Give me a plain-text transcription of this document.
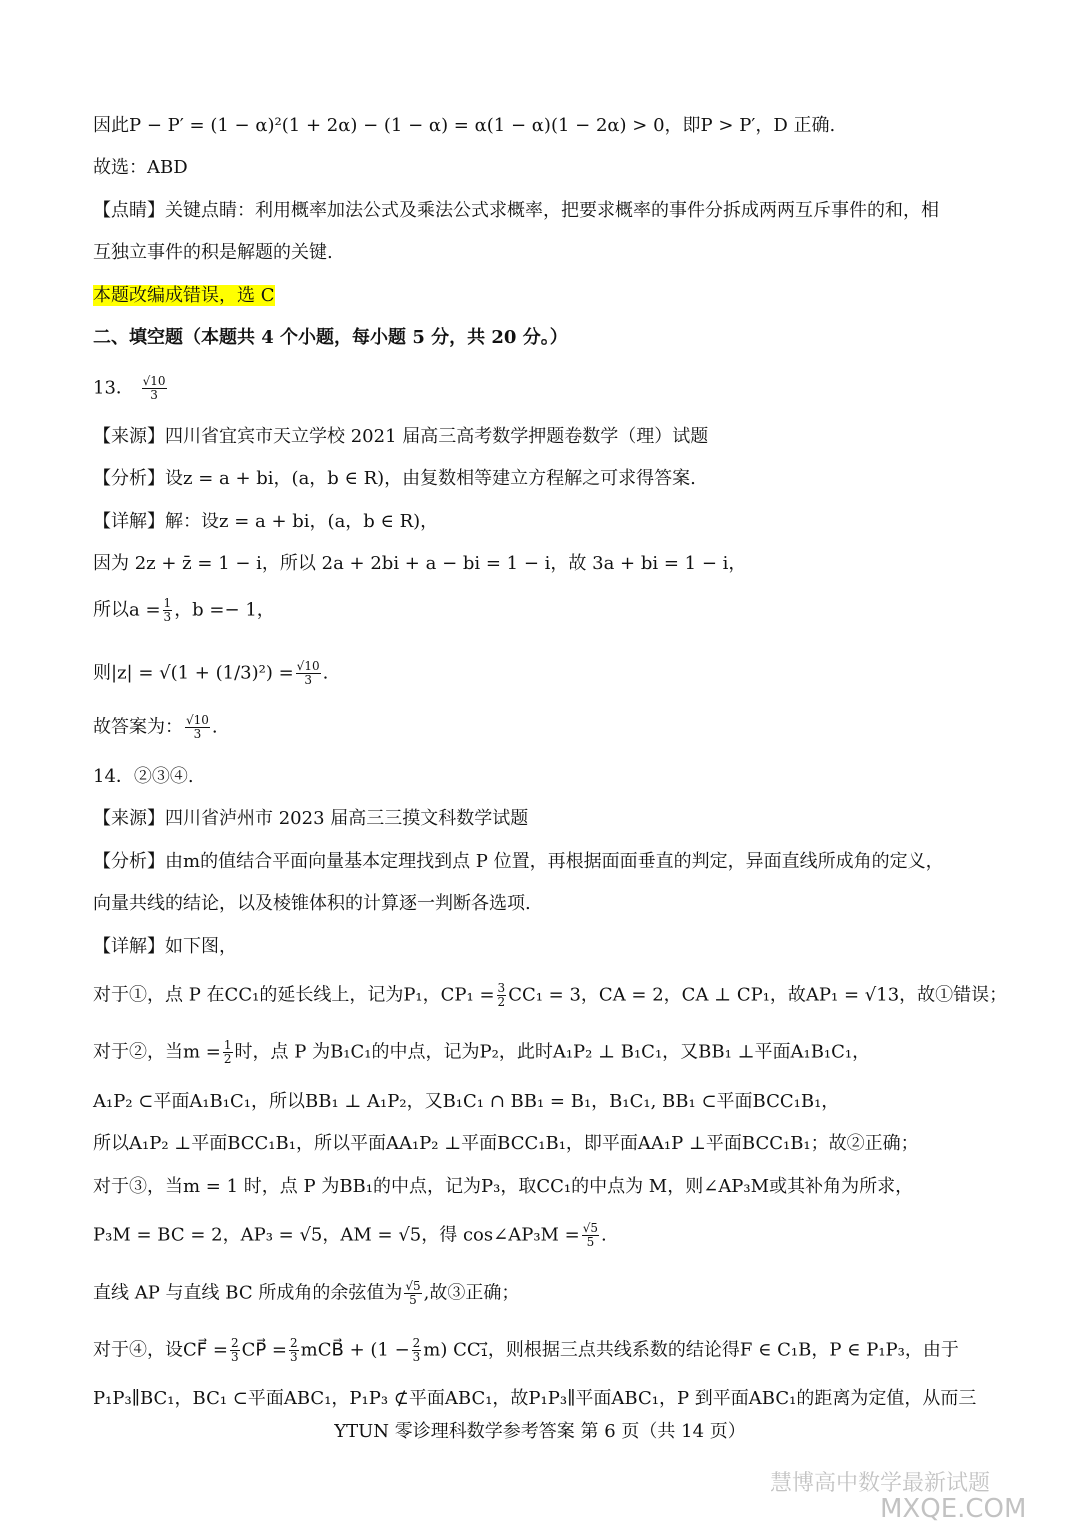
因此P − P′ = (1 − α)²(1 + 2α) − (1 − α) = α(1 − α)(1 − 2α) > 0，即P > P′，D 正确.
故选：ABD
【点睛】关键点睛：利用概率加法公式及乘法公式求概率，把要求概率的事件分拆成两两互斥事件的和，相
互独立事件的积是解题的关键.
本题改编成错误，选 C
二、填空题（本题共 4 个小题，每小题 5 分，共 20 分。）
13． $\frac{√10}{3}$
【来源】四川省宜宾市天立学校 2021 届高三高考数学押题卷数学（理）试题
【分析】设z = a + bi，(a，b ∈ R)，由复数相等建立方程解之可求得答案.
【详解】解：设z = a + bi，(a，b ∈ R)，
因为 2z + z̄ = 1 − i，所以 2a + 2bi + a − bi = 1 − i，故 3a + bi = 1 − i，
所以$a = \frac{1}{3}$ ，b =− 1，
则$|z| = √(1 + (1/3)^2) = \frac{√10}{3}$ .
故答案为： $\frac{√10}{3}$ .
14．②③④.
【来源】四川省泸州市 2023 届高三三摸文科数学试题
【分析】由m的值结合平面向量基本定理找到点 P 位置，再根据面面垂直的判定，异面直线所成角的定义，
向量共线的结论，以及棱锥体积的计算逐一判断各选项.
【详解】如下图，
对于①，点 P 在CC₁的延长线上，记为P₁，$CP_1 = \frac{3}{2} CC_1 = 3$，CA = 2，CA ⊥ CP₁，故AP₁ = √13，故①错误；
对于②，当$m = \frac{1}{2}$ 时，点 P 为B₁C₁的中点，记为P₂，此时A₁P₂ ⊥ B₁C₁，又BB₁ ⊥平面A₁B₁C₁，
A₁P₂ ⊂平面A₁B₁C₁，所以BB₁ ⊥ A₁P₂，又B₁C₁ ∩ BB₁ = B₁，B₁C₁, BB₁ ⊂平面BCC₁B₁，
所以A₁P₂ ⊥平面BCC₁B₁，所以平面AA₁P₂ ⊥平面BCC₁B₁，即平面AA₁P ⊥平面BCC₁B₁；故②正确；
对于③，当m = 1 时，点 P 为BB₁的中点，记为P₃，取CC₁的中点为 M，则∠AP₃M或其补角为所求，
P₃M = BC = 2，AP₃ = √5，AM = √5，得 cos∠AP₃M = $\frac{√5}{5}$ .
直线 AP 与直线 BC 所成角的余弦值为 $\frac{√5}{5}$ ,故③正确；
对于④，设CF⃗ = $\frac{2}{3}$ CP⃗ = $\frac{2}{3}$ mCB⃗ + $(1 - \frac{2}{3} m)$ CC₁⃗，则根据三点共线系数的结论得F ∈ C₁B，P ∈ P₁P₃，由于
P₁P₃∥BC₁，BC₁ ⊂平面ABC₁，P₁P₃ ⊄平面ABC₁，故P₁P₃∥平面ABC₁，P 到平面ABC₁的距离为定值，从而三
YTUN 零诊理科数学参考答案 第 6 页（共 14 页）
慧博高中数学最新试题
MXQE.COM
